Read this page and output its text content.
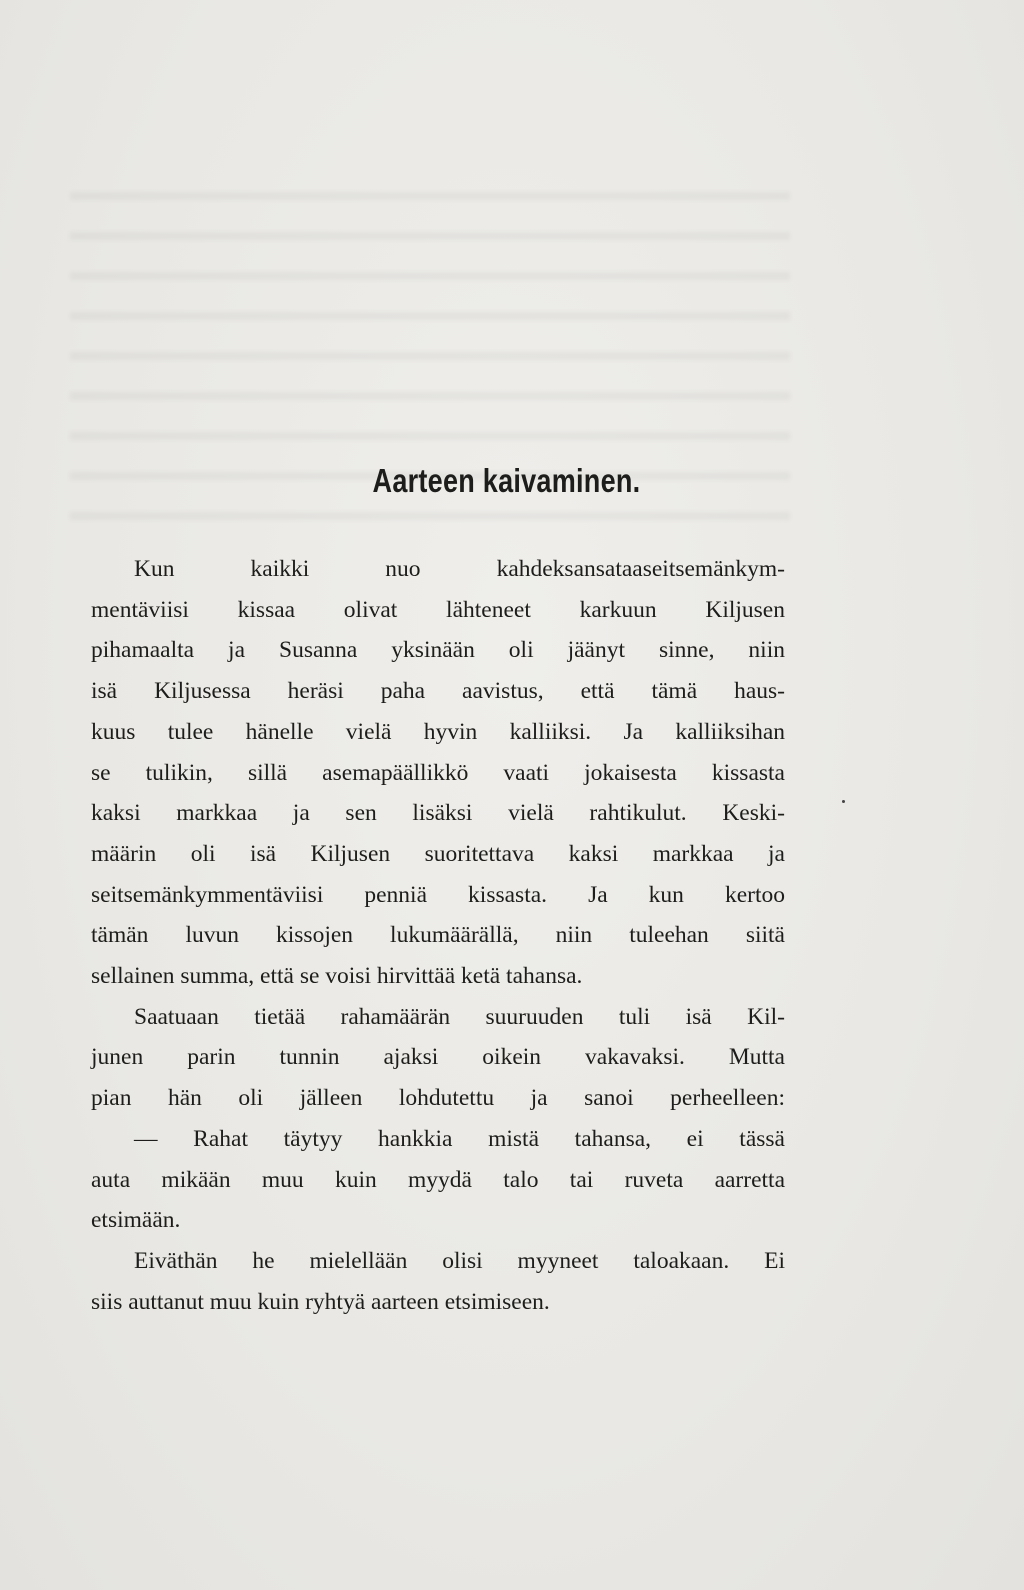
Aarteen kaivaminen.
Kun kaikki nuo kahdeksansataaseitsemänkym-
mentäviisi kissaa olivat lähteneet karkuun Kiljusen
pihamaalta ja Susanna yksinään oli jäänyt sinne, niin
isä Kiljusessa heräsi paha aavistus, että tämä haus-
kuus tulee hänelle vielä hyvin kalliiksi. Ja kalliiksihan
se tulikin, sillä asemapäällikkö vaati jokaisesta kissasta
kaksi markkaa ja sen lisäksi vielä rahtikulut. Keski-
määrin oli isä Kiljusen suoritettava kaksi markkaa ja
seitsemänkymmentäviisi penniä kissasta. Ja kun kertoo
tämän luvun kissojen lukumäärällä, niin tuleehan siitä
sellainen summa, että se voisi hirvittää ketä tahansa.
Saatuaan tietää rahamäärän suuruuden tuli isä Kil-
junen parin tunnin ajaksi oikein vakavaksi. Mutta
pian hän oli jälleen lohdutettu ja sanoi perheelleen:
— Rahat täytyy hankkia mistä tahansa, ei tässä
auta mikään muu kuin myydä talo tai ruveta aarretta
etsimään.
Eiväthän he mielellään olisi myyneet taloakaan. Ei
siis auttanut muu kuin ryhtyä aarteen etsimiseen.
